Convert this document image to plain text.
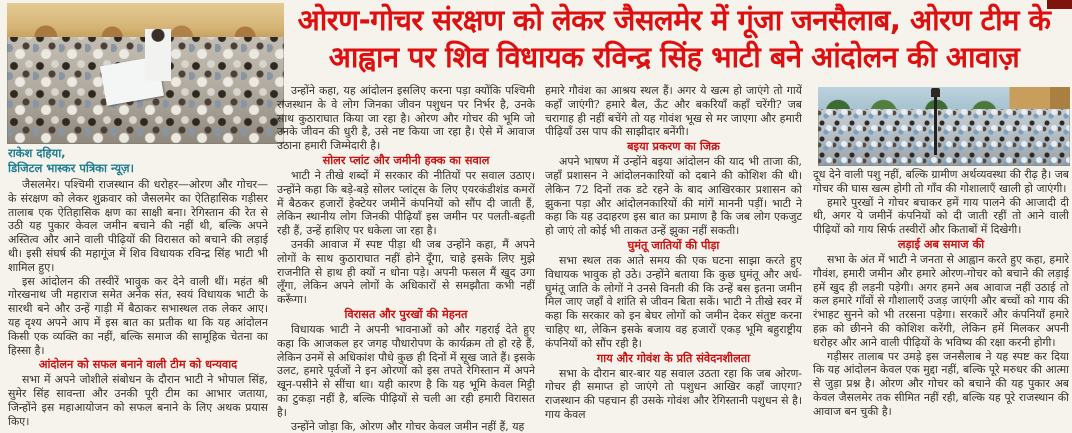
ओरण-गोचर संरक्षण को लेकर जैसलमेर में गूंजा जनसैलाब, ओरण टीम के
आह्वान पर शिव विधायक रविन्द्र सिंह भाटी बने आंदोलन की आवाज़

राकेश दहिया,
डिजिटल भास्कर पत्रिका न्यूज़।

जैसलमेर। पश्चिमी राजस्थान की धरोहर—ओरण और गोचर— के संरक्षण को लेकर शुक्रवार को जैसलमेर का ऐतिहासिक गड़ीसर तालाब एक ऐतिहासिक क्षण का साक्षी बना। रेगिस्तान की रेत से उठी यह पुकार केवल जमीन बचाने की नहीं थी, बल्कि अपने अस्तित्व और आने वाली पीढ़ियों की विरासत को बचाने की लड़ाई थी। इसी संघर्ष की महागूंज में शिव विधायक रविन्द्र सिंह भाटी भी शामिल हुए।

इस आंदोलन की तस्वीरें भावुक कर देने वाली थीं। महंत श्री गोरखनाथ जी महाराज समेत अनेक संत, स्वयं विधायक भाटी के सारथी बने और उन्हें गाड़ी में बैठाकर सभास्थल तक लेकर आए। यह दृश्य अपने आप में इस बात का प्रतीक था कि यह आंदोलन किसी एक व्यक्ति का नहीं, बल्कि समाज की सामूहिक चेतना का हिस्सा है।

आंदोलन को सफल बनाने वाली टीम को धन्यवाद

सभा में अपने जोशीले संबोधन के दौरान भाटी ने भोपाल सिंह, सुमेर सिंह सावन्ता और उनकी पूरी टीम का आभार जताया, जिन्होंने इस महाआयोजन को सफल बनाने के लिए अथक प्रयास किए।

उन्होंने कहा, यह आंदोलन इसलिए करना पड़ा क्योंकि पश्चिमी राजस्थान के वे लोग जिनका जीवन पशुधन पर निर्भर है, उनके साथ कुठाराघात किया जा रहा है। ओरण और गोचर की भूमि जो उनके जीवन की धुरी है, उसे नष्ट किया जा रहा है। ऐसे में आवाज उठाना हमारी जिम्मेदारी है।

सोलर प्लांट और जमीनी हक्क का सवाल

भाटी ने तीखे शब्दों में सरकार की नीतियों पर सवाल उठाए। उन्होंने कहा कि बड़े-बड़े सोलर प्लांट्स के लिए एयरकंडीशंड कमरों में बैठकर हजारों हेक्टेयर जमीनें कंपनियों को सौंप दी जाती हैं, लेकिन स्थानीय लोग जिनकी पीढ़ियाँ इस जमीन पर पलती-बढ़ती रही हैं, उन्हें हाशिए पर धकेला जा रहा है।

उनकी आवाज में स्पष्ट पीड़ा थी जब उन्होंने कहा, मैं अपने लोगों के साथ कुठाराघात नहीं होने दूँगा, चाहे इसके लिए मुझे राजनीति से हाथ ही क्यों न धोना पड़े। अपनी फसल मैं खुद उगा लूँगा, लेकिन अपने लोगों के अधिकारों से समझौता कभी नहीं करूँगा।

विरासत और पुरखों की मेहनत

विधायक भाटी ने अपनी भावनाओं को और गहराई देते हुए कहा कि आजकल हर जगह पौधारोपण के कार्यक्रम तो हो रहे हैं, लेकिन उनमें से अधिकांश पौधे कुछ ही दिनों में सूख जाते हैं। इसके उलट, हमारे पूर्वजों ने इन ओरणों को इस तपते रेगिस्तान में अपने खून-पसीने से सींचा था। यही कारण है कि यह भूमि केवल मिट्टी का टुकड़ा नहीं है, बल्कि पीढ़ियों से चली आ रही हमारी विरासत है।

उन्होंने जोड़ा कि, ओरण और गोचर केवल जमीन नहीं हैं, यह

हमारे गौवंश का आश्रय स्थल हैं। अगर ये खत्म हो जाएंगे तो गायें कहाँ जाएंगी? हमारे बैल, ऊँट और बकरियाँ कहाँ चरेंगी? जब चरागाह ही नहीं बचेंगे तो यह गोवंश भूख से मर जाएगा और हमारी पीढ़ियाँ उस पाप की साझीदार बनेंगी।

बइया प्रकरण का जिक्र

अपने भाषण में उन्होंने बइया आंदोलन की याद भी ताजा की, जहाँ प्रशासन ने आंदोलनकारियों को दबाने की कोशिश की थी। लेकिन 72 दिनों तक डटे रहने के बाद आखिरकार प्रशासन को झुकना पड़ा और आंदोलनकारियों की मांगें माननी पड़ीं। भाटी ने कहा कि यह उदाहरण इस बात का प्रमाण है कि जब लोग एकजुट हो जाएं तो कोई भी ताकत उन्हें झुका नहीं सकती।

घुमंतू जातियों की पीड़ा

सभा स्थल तक आते समय की एक घटना साझा करते हुए विधायक भावुक हो उठे। उन्होंने बताया कि कुछ घुमंतू और अर्ध-घुमंतू जाति के लोगों ने उनसे विनती की कि उन्हें बस इतना जमीन मिल जाए जहाँ वे शांति से जीवन बिता सकें। भाटी ने तीखे स्वर में कहा कि सरकार को इन बेघर लोगों को जमीन देकर संतुष्ट करना चाहिए था, लेकिन इसके बजाय वह हजारों एकड़ भूमि बहुराष्ट्रीय कंपनियों को सौंप रही है।

गाय और गोवंश के प्रति संवेदनशीलता

सभा के दौरान बार-बार यह सवाल उठता रहा कि जब ओरण-गोचर ही समाप्त हो जाएंगे तो पशुधन आखिर कहाँ जाएगा? राजस्थान की पहचान ही उसके गोवंश और रेगिस्तानी पशुधन से है। गाय केवल

दूध देने वाली पशु नहीं, बल्कि ग्रामीण अर्थव्यवस्था की रीढ़ है। जब गोचर की घास खत्म होगी तो गाँव की गोशालाएँ खाली हो जाएंगी।

हमारे पुरखों ने गोचर बचाकर हमें गाय पालने की आजादी दी थी, अगर ये जमीनें कंपनियों को दी जाती रहीं तो आने वाली पीढ़ियों को गाय सिर्फ तस्वीरों और किताबों में दिखेगी।

लड़ाई अब समाज की

सभा के अंत में भाटी ने जनता से आह्वान करते हुए कहा, हमारे गौवंश, हमारी जमीन और हमारे ओरण-गोचर को बचाने की लड़ाई हमें खुद ही लड़नी पड़ेगी। अगर हमने अब आवाज नहीं उठाई तो कल हमारे गाँवों से गौशालाएँ उजड़ जाएंगी और बच्चों को गाय की रंभाहट सुनने को भी तरसना पड़ेगा। सरकारें और कंपनियाँ हमारे हक़ को छीनने की कोशिश करेंगी, लेकिन हमें मिलकर अपनी धरोहर और आने वाली पीढ़ियों के भविष्य की रक्षा करनी होगी।

गड़ीसर तालाब पर उमड़े इस जनसैलाब ने यह स्पष्ट कर दिया कि यह आंदोलन केवल एक मुद्दा नहीं, बल्कि पूरे मरुधर की आत्मा से जुड़ा प्रश्न है। ओरण और गोचर को बचाने की यह पुकार अब केवल जैसलमेर तक सीमित नहीं रही, बल्कि यह पूरे राजस्थान की आवाज बन चुकी है।
